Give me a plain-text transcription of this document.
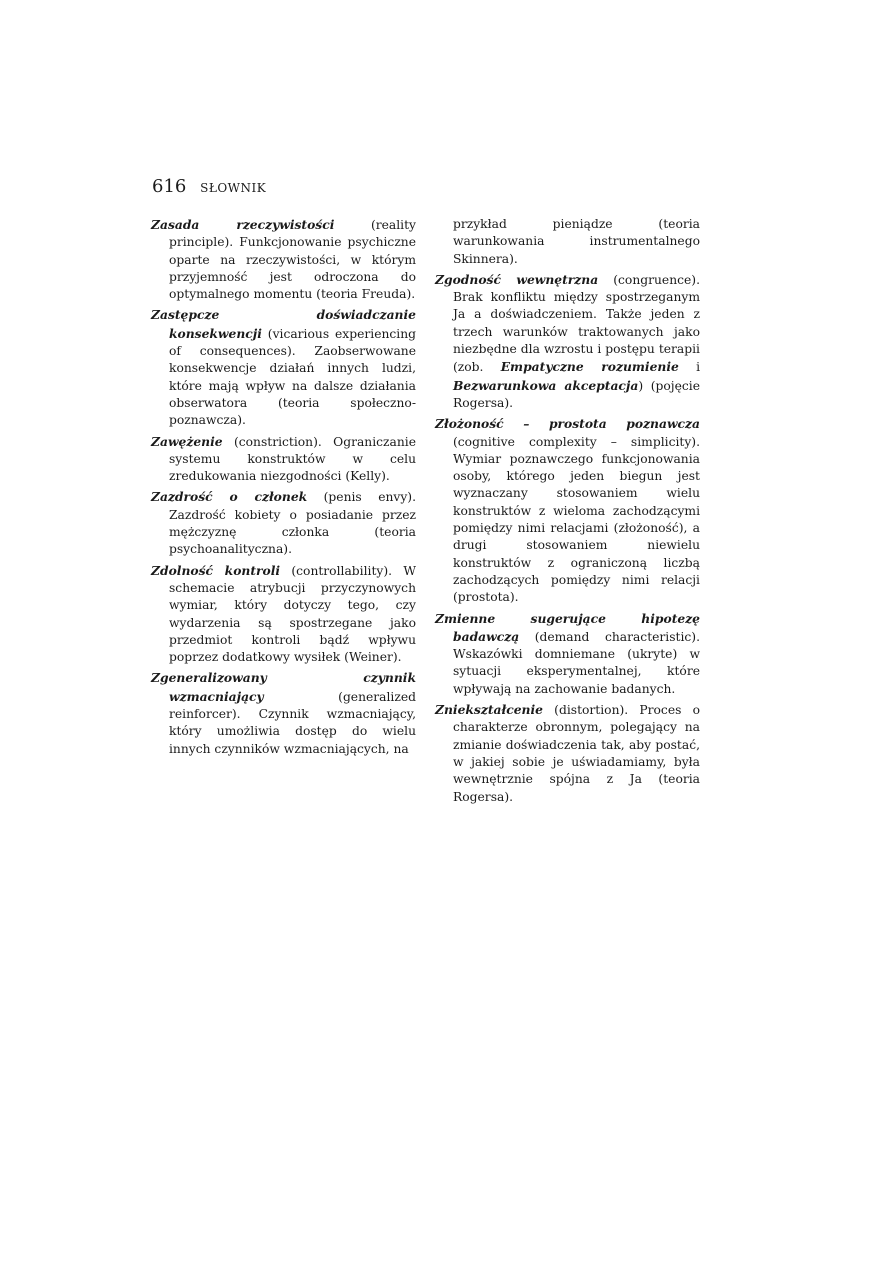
616 SŁOWNIK

Zasada rzeczywistości (reality principle). Funkcjonowanie psychiczne oparte na rzeczywistości, w którym przyjemność jest odroczona do optymalnego momentu (teoria Freuda).

Zastępcze doświadczanie konsekwencji (vicarious experiencing of consequences). Zaobserwowane konsekwencje działań innych ludzi, które mają wpływ na dalsze działania obserwatora (teoria społeczno-poznawcza).

Zawężenie (constriction). Ograniczanie systemu konstruktów w celu zredukowania niezgodności (Kelly).

Zazdrość o członek (penis envy). Zazdrość kobiety o posiadanie przez mężczyznę członka (teoria psychoanalityczna).

Zdolność kontroli (controllability). W schemacie atrybucji przyczynowych wymiar, który dotyczy tego, czy wydarzenia są spostrzegane jako przedmiot kontroli bądź wpływu poprzez dodatkowy wysiłek (Weiner).

Zgeneralizowany czynnik wzmacniający (generalized reinforcer). Czynnik wzmacniający, który umożliwia dostęp do wielu innych czynników wzmacniających, na

przykład pieniądze (teoria warunkowania instrumentalnego Skinnera).

Zgodność wewnętrzna (congruence). Brak konfliktu między spostrzeganym Ja a doświadczeniem. Także jeden z trzech warunków traktowanych jako niezbędne dla wzrostu i postępu terapii (zob. Empatyczne rozumienie i Bezwarunkowa akceptacja) (pojęcie Rogersa).

Złożoność – prostota poznawcza (cognitive complexity – simplicity). Wymiar poznawczego funkcjonowania osoby, którego jeden biegun jest wyznaczany stosowaniem wielu konstruktów z wieloma zachodzącymi pomiędzy nimi relacjami (złożoność), a drugi stosowaniem niewielu konstruktów z ograniczoną liczbą zachodzących pomiędzy nimi relacji (prostota).

Zmienne sugerujące hipotezę badawczą (demand characteristic). Wskazówki domniemane (ukryte) w sytuacji eksperymentalnej, które wpływają na zachowanie badanych.

Zniekształcenie (distortion). Proces o charakterze obronnym, polegający na zmianie doświadczenia tak, aby postać, w jakiej sobie je uświadamiamy, była wewnętrznie spójna z Ja (teoria Rogersa).
